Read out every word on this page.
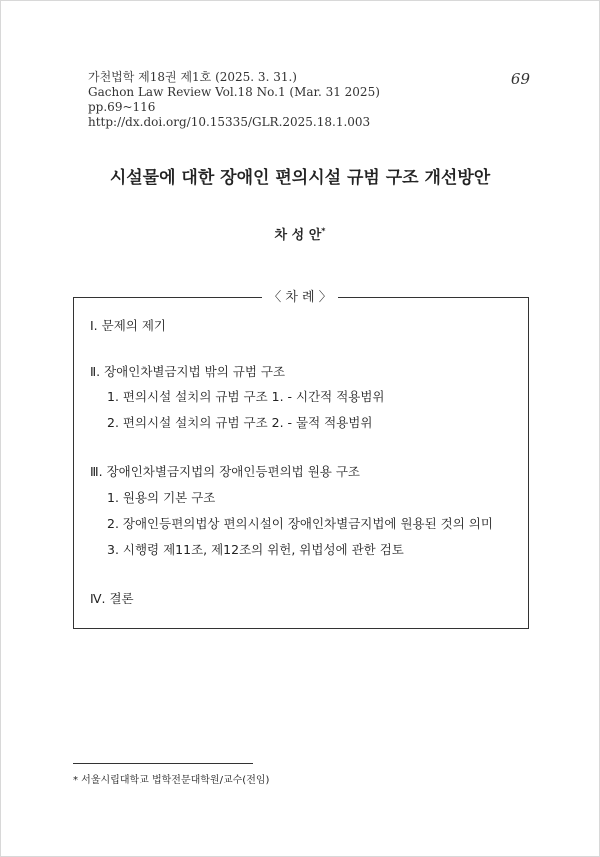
가천법학 제18권 제1호 (2025. 3. 31.)
Gachon Law Review Vol.18 No.1 (Mar. 31 2025)
pp.69~116
http://dx.doi.org/10.15335/GLR.2025.18.1.003
69
시설물에 대한 장애인 편의시설 규범 구조 개선방안
차 성 안*
〈 차 례 〉
Ⅰ. 문제의 제기
Ⅱ. 장애인차별금지법 밖의 규범 구조
1. 편의시설 설치의 규범 구조 1. - 시간적 적용범위
2. 편의시설 설치의 규범 구조 2. - 물적 적용범위
Ⅲ. 장애인차별금지법의 장애인등편의법 원용 구조
1. 원용의 기본 구조
2. 장애인등편의법상 편의시설이 장애인차별금지법에 원용된 것의 의미
3. 시행령 제11조, 제12조의 위헌, 위법성에 관한 검토
Ⅳ. 결론
* 서울시립대학교 법학전문대학원/교수(전임)
